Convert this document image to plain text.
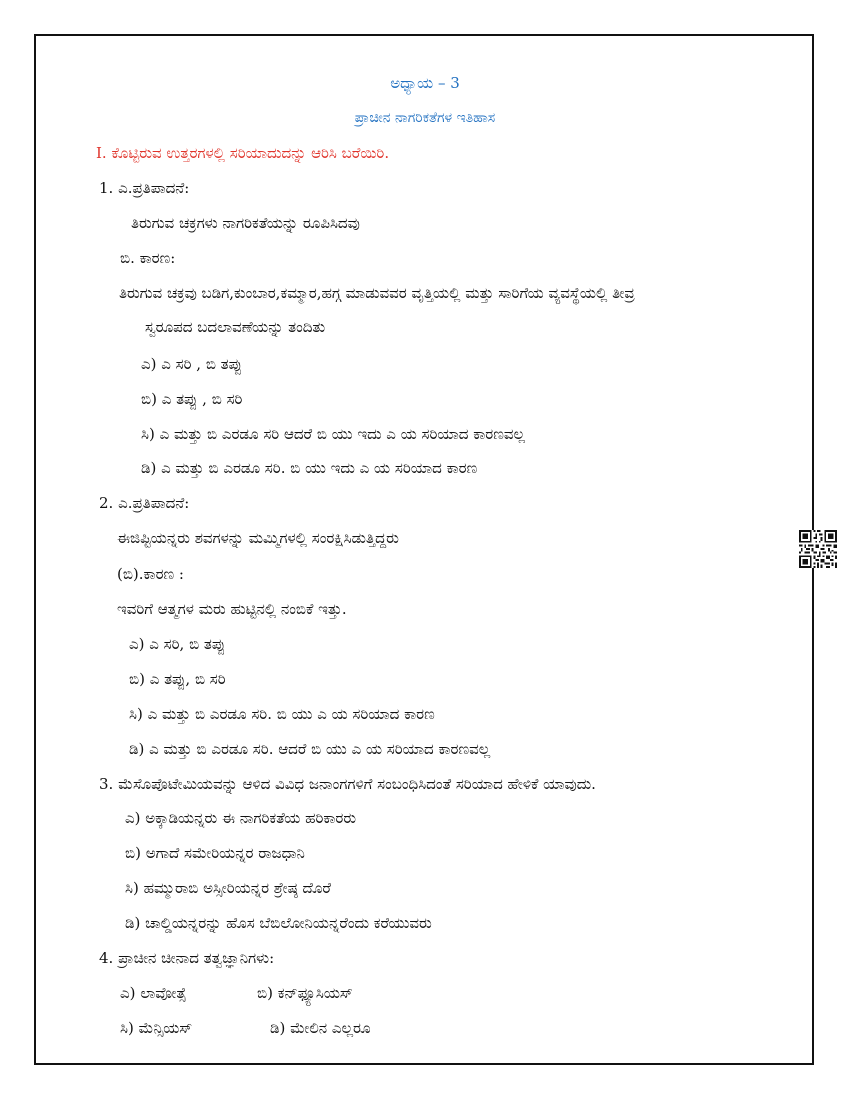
ಅಧ್ಯಾಯ – 3
ಪ್ರಾಚೀನ ನಾಗರಿಕತೆಗಳ ಇತಿಹಾಸ
I. ಕೊಟ್ಟಿರುವ ಉತ್ತರಗಳಲ್ಲಿ ಸರಿಯಾದುದನ್ನು ಆರಿಸಿ ಬರೆಯಿರಿ.
1. ಎ.ಪ್ರತಿಪಾದನೆ:
ತಿರುಗುವ ಚಕ್ರಗಳು ನಾಗರಿಕತೆಯನ್ನು ರೂಪಿಸಿದವು
ಬಿ. ಕಾರಣ:
ತಿರುಗುವ ಚಕ್ರವು ಬಡಿಗ,ಕುಂಬಾರ,ಕಮ್ಮಾರ,ಹಗ್ಗ ಮಾಡುವವರ ವೃತ್ತಿಯಲ್ಲಿ ಮತ್ತು ಸಾರಿಗೆಯ ವ್ಯವಸ್ಥೆಯಲ್ಲಿ ತೀವ್ರ
ಸ್ವರೂಪದ ಬದಲಾವಣೆಯನ್ನು ತಂದಿತು
ಎ) ಎ ಸರಿ , ಬಿ ತಪ್ಪು
ಬಿ) ಎ ತಪ್ಪು , ಬಿ ಸರಿ
ಸಿ) ಎ ಮತ್ತು ಬಿ ಎರಡೂ ಸರಿ ಆದರೆ ಬಿ ಯು ಇದು ಎ ಯ ಸರಿಯಾದ ಕಾರಣವಲ್ಲ
ಡಿ) ಎ ಮತ್ತು ಬಿ ಎರಡೂ ಸರಿ. ಬಿ ಯು ಇದು ಎ ಯ ಸರಿಯಾದ ಕಾರಣ
2. ಎ.ಪ್ರತಿಪಾದನೆ:
ಈಜಿಪ್ಟಿಯನ್ನರು ಶವಗಳನ್ನು ಮಮ್ಮಿಗಳಲ್ಲಿ ಸಂರಕ್ಷಿಸಿಡುತ್ತಿದ್ದರು
(ಬಿ).ಕಾರಣ :
ಇವರಿಗೆ ಆತ್ಮಗಳ ಮರು ಹುಟ್ಟಿನಲ್ಲಿ ನಂಬಿಕೆ ಇತ್ತು.
ಎ) ಎ ಸರಿ, ಬಿ ತಪ್ಪು
ಬಿ) ಎ ತಪ್ಪು, ಬಿ ಸರಿ
ಸಿ) ಎ ಮತ್ತು ಬಿ ಎರಡೂ ಸರಿ. ಬಿ ಯು ಎ ಯ ಸರಿಯಾದ ಕಾರಣ
ಡಿ) ಎ ಮತ್ತು ಬಿ ಎರಡೂ ಸರಿ. ಆದರೆ ಬಿ ಯು ಎ ಯ ಸರಿಯಾದ ಕಾರಣವಲ್ಲ
3. ಮೆಸೊಪೊಟೇಮಿಯವನ್ನು ಆಳಿದ ವಿವಿಧ ಜನಾಂಗಗಳಿಗೆ ಸಂಬಂಧಿಸಿದಂತೆ ಸರಿಯಾದ ಹೇಳಿಕೆ ಯಾವುದು.
ಎ) ಅಕ್ಕಾಡಿಯನ್ನರು ಈ ನಾಗರಿಕತೆಯ ಹರಿಕಾರರು
ಬಿ) ಅಗಾದೆ ಸಮೇರಿಯನ್ನರ ರಾಜಧಾನಿ
ಸಿ) ಹಮ್ಮುರಾಬಿ ಅಸ್ಸೀರಿಯನ್ನರ ಶ್ರೇಷ್ಠ ದೊರೆ
ಡಿ) ಚಾಲ್ಡಿಯನ್ನರನ್ನು ಹೊಸ ಬೆಬಿಲೋನಿಯನ್ನರೆಂದು ಕರೆಯುವರು
4. ಪ್ರಾಚೀನ ಚೀನಾದ ತತ್ವಜ್ಞಾನಿಗಳು:
ಎ) ಲಾವೋತ್ಸೆ	ಬಿ) ಕನ್‌ಫ್ಯೂಸಿಯಸ್
ಸಿ) ಮೆನ್ಸಿಯಸ್	ಡಿ) ಮೇಲಿನ ಎಲ್ಲರೂ
